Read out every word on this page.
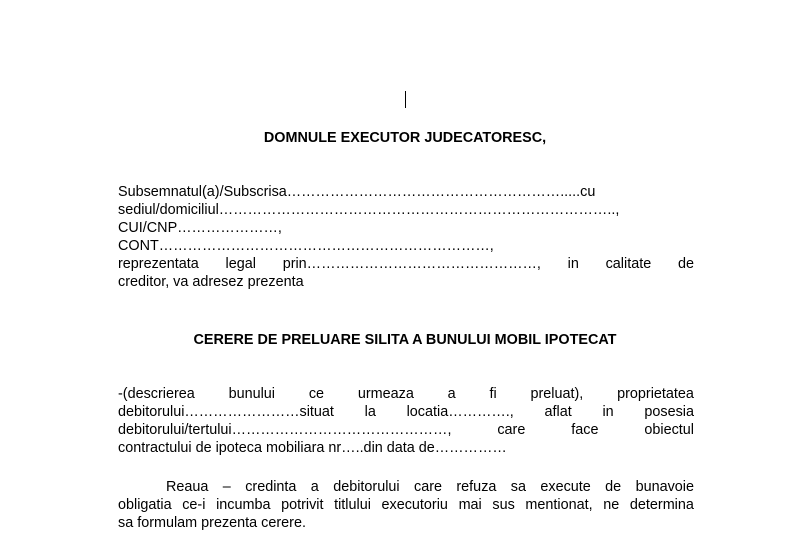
DOMNULE EXECUTOR JUDECATORESC,
Subsemnatul(a)/Subscrisa………………………………………………….....cu
sediul/domiciliul………………………………………………………………………..,
CUI/CNP…………………,
CONT……………………………………………………………,
reprezentata legal prin…………………………………………, in calitate de
creditor, va adresez prezenta
CERERE DE PRELUARE SILITA A BUNULUI MOBIL IPOTECAT
-(descrierea bunului ce urmeaza a fi preluat), proprietatea
debitorului……………………situat la locatia…………., aflat in posesia
debitorului/tertului………………………………………,	care	face	obiectul
contractului de ipoteca mobiliara nr…..din data de……………
Reaua – credinta a debitorului care refuza sa execute de bunavoie
obligatia ce-i incumba potrivit titlului executoriu mai sus mentionat, ne determina
sa formulam prezenta cerere.
